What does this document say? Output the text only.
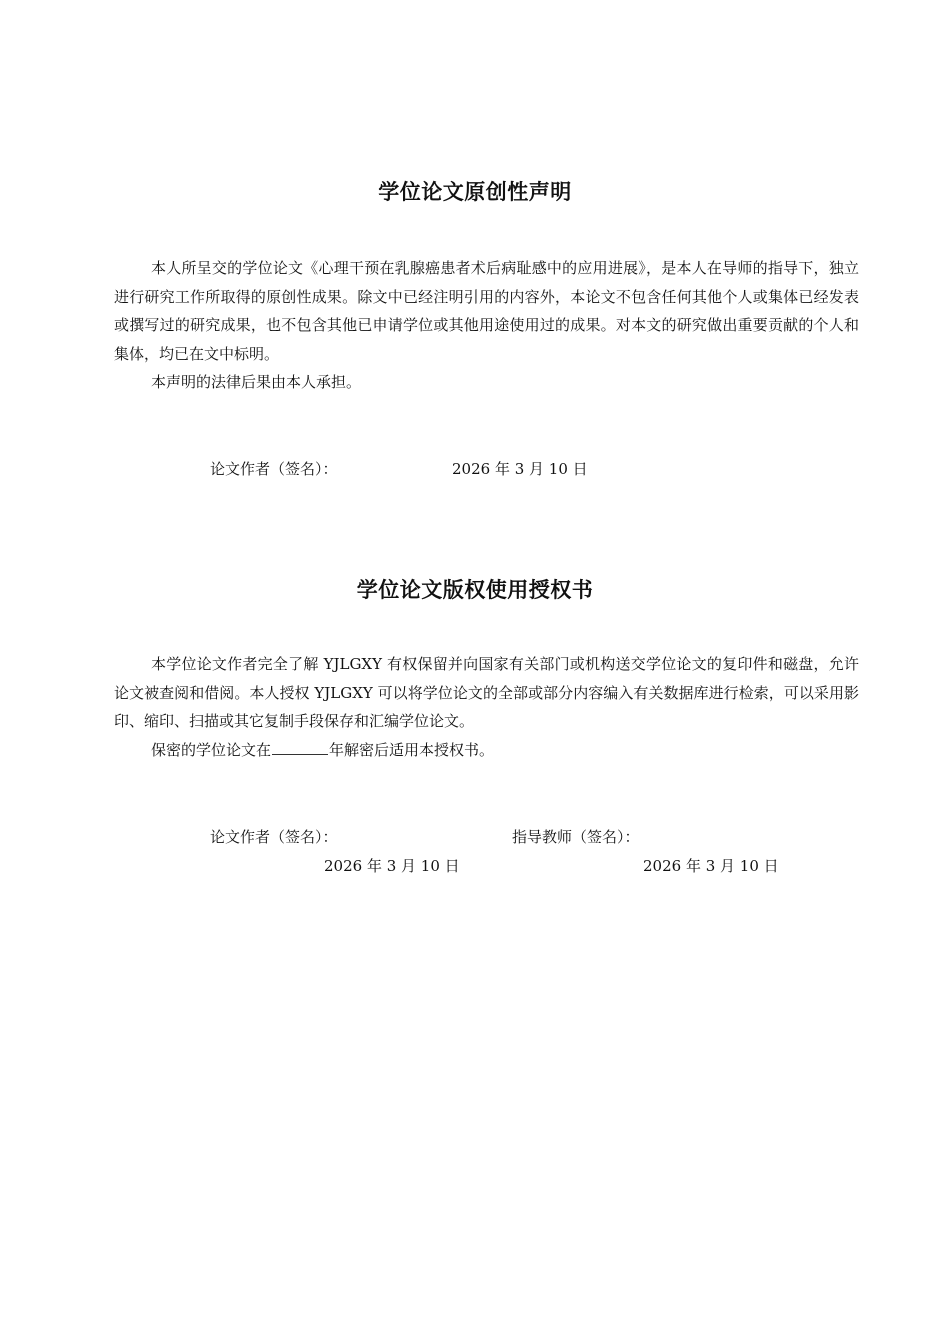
学位论文原创性声明

本人所呈交的学位论文《心理干预在乳腺癌患者术后病耻感中的应用进展》，是本人在导师的指导下，独立进行研究工作所取得的原创性成果。除文中已经注明引用的内容外，本论文不包含任何其他个人或集体已经发表或撰写过的研究成果，也不包含其他已申请学位或其他用途使用过的成果。对本文的研究做出重要贡献的个人和集体，均已在文中标明。

本声明的法律后果由本人承担。

论文作者（签名）：	2026 年 3 月 10 日
学位论文版权使用授权书

本学位论文作者完全了解 YJLGXY 有权保留并向国家有关部门或机构送交学位论文的复印件和磁盘，允许论文被查阅和借阅。本人授权 YJLGXY 可以将学位论文的全部或部分内容编入有关数据库进行检索，可以采用影印、缩印、扫描或其它复制手段保存和汇编学位论文。

保密的学位论文在	年解密后适用本授权书。

论文作者（签名）：	指导教师（签名）：
2026 年 3 月 10 日	2026 年 3 月 10 日
